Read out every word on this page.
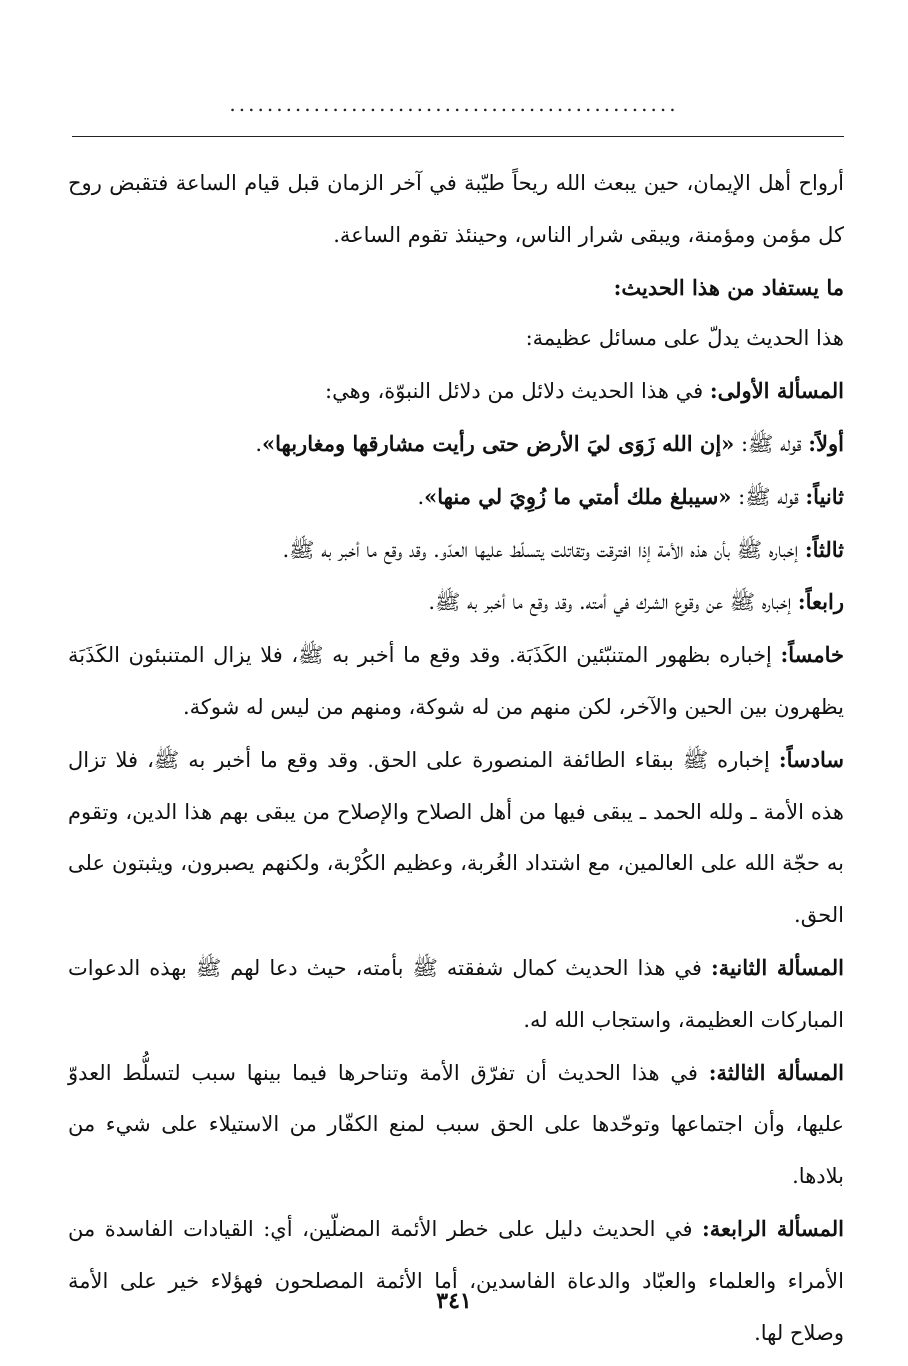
................................................

أرواح أهل الإيمان، حين يبعث الله ريحاً طيّبة في آخر الزمان قبل قيام الساعة فتقبض روح كل مؤمن ومؤمنة، ويبقى شرار الناس، وحينئذ تقوم الساعة.

ما يستفاد من هذا الحديث:

هذا الحديث يدلّ على مسائل عظيمة:

المسألة الأولى: في هذا الحديث دلائل من دلائل النبوّة، وهي:

أولاً: قوله ﷺ: «إن الله زَوَى ليَ الأرض حتى رأيت مشارقها ومغاربها».

ثانياً: قوله ﷺ: «سيبلغ ملك أمتي ما زُوِيَ لي منها».

ثالثاً: إخباره ﷺ بأن هذه الأمة إذا افترقت وتقاتلت يتسلّط عليها العدّو. وقد وقع ما أخبر به ﷺ.

رابعاً: إخباره ﷺ عن وقوع الشرك في أمته. وقد وقع ما أخبر به ﷺ.

خامساً: إخباره بظهور المتنبّئين الكَذَبَة. وقد وقع ما أخبر به ﷺ، فلا يزال المتنبئون الكَذَبَة يظهرون بين الحين والآخر، لكن منهم من له شوكة، ومنهم من ليس له شوكة.

سادساً: إخباره ﷺ ببقاء الطائفة المنصورة على الحق. وقد وقع ما أخبر به ﷺ، فلا تزال هذه الأمة ـ ولله الحمد ـ يبقى فيها من أهل الصلاح والإصلاح من يبقى بهم هذا الدين، وتقوم به حجّة الله على العالمين، مع اشتداد الغُربة، وعظيم الكُرْبة، ولكنهم يصبرون، ويثبتون على الحق.

المسألة الثانية: في هذا الحديث كمال شفقته ﷺ بأمته، حيث دعا لهم ﷺ بهذه الدعوات المباركات العظيمة، واستجاب الله له.

المسألة الثالثة: في هذا الحديث أن تفرّق الأمة وتناحرها فيما بينها سبب لتسلُّط العدوّ عليها، وأن اجتماعها وتوحّدها على الحق سبب لمنع الكفّار من الاستيلاء على شيء من بلادها.

المسألة الرابعة: في الحديث دليل على خطر الأئمة المضلّين، أي: القيادات الفاسدة من الأمراء والعلماء والعبّاد والدعاة الفاسدين، أما الأئمة المصلحون فهؤلاء خير على الأمة وصلاح لها.

٣٤١
